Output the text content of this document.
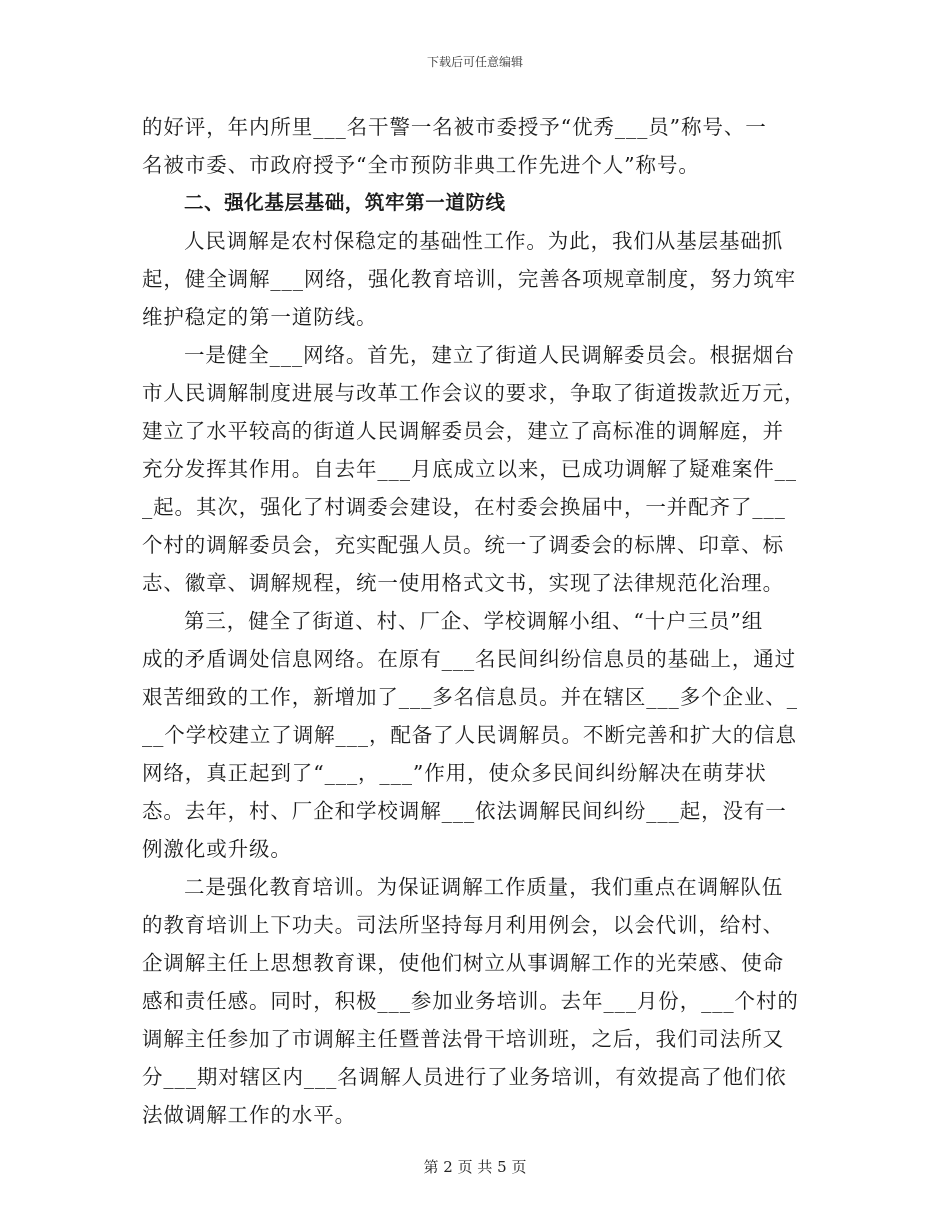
下载后可任意编辑
的好评，年内所里___名干警一名被市委授予“优秀___员”称号、一
名被市委、市政府授予“全市预防非典工作先进个人”称号。
二、强化基层基础，筑牢第一道防线
人民调解是农村保稳定的基础性工作。为此，我们从基层基础抓
起，健全调解___网络，强化教育培训，完善各项规章制度，努力筑牢
维护稳定的第一道防线。
一是健全___网络。首先，建立了街道人民调解委员会。根据烟台
市人民调解制度进展与改革工作会议的要求，争取了街道拨款近万元，
建立了水平较高的街道人民调解委员会，建立了高标准的调解庭，并
充分发挥其作用。自去年___月底成立以来，已成功调解了疑难案件__
_起。其次，强化了村调委会建设，在村委会换届中，一并配齐了___
个村的调解委员会，充实配强人员。统一了调委会的标牌、印章、标
志、徽章、调解规程，统一使用格式文书，实现了法律规范化治理。
第三，健全了街道、村、厂企、学校调解小组、“十户三员”组
成的矛盾调处信息网络。在原有___名民间纠纷信息员的基础上，通过
艰苦细致的工作，新增加了___多名信息员。并在辖区___多个企业、_
__个学校建立了调解___，配备了人民调解员。不断完善和扩大的信息
网络，真正起到了“___，___”作用，使众多民间纠纷解决在萌芽状
态。去年，村、厂企和学校调解___依法调解民间纠纷___起，没有一
例激化或升级。
二是强化教育培训。为保证调解工作质量，我们重点在调解队伍
的教育培训上下功夫。司法所坚持每月利用例会，以会代训，给村、
企调解主任上思想教育课，使他们树立从事调解工作的光荣感、使命
感和责任感。同时，积极___参加业务培训。去年___月份，___个村的
调解主任参加了市调解主任暨普法骨干培训班，之后，我们司法所又
分___期对辖区内___名调解人员进行了业务培训，有效提高了他们依
法做调解工作的水平。
第 2 页 共 5 页
